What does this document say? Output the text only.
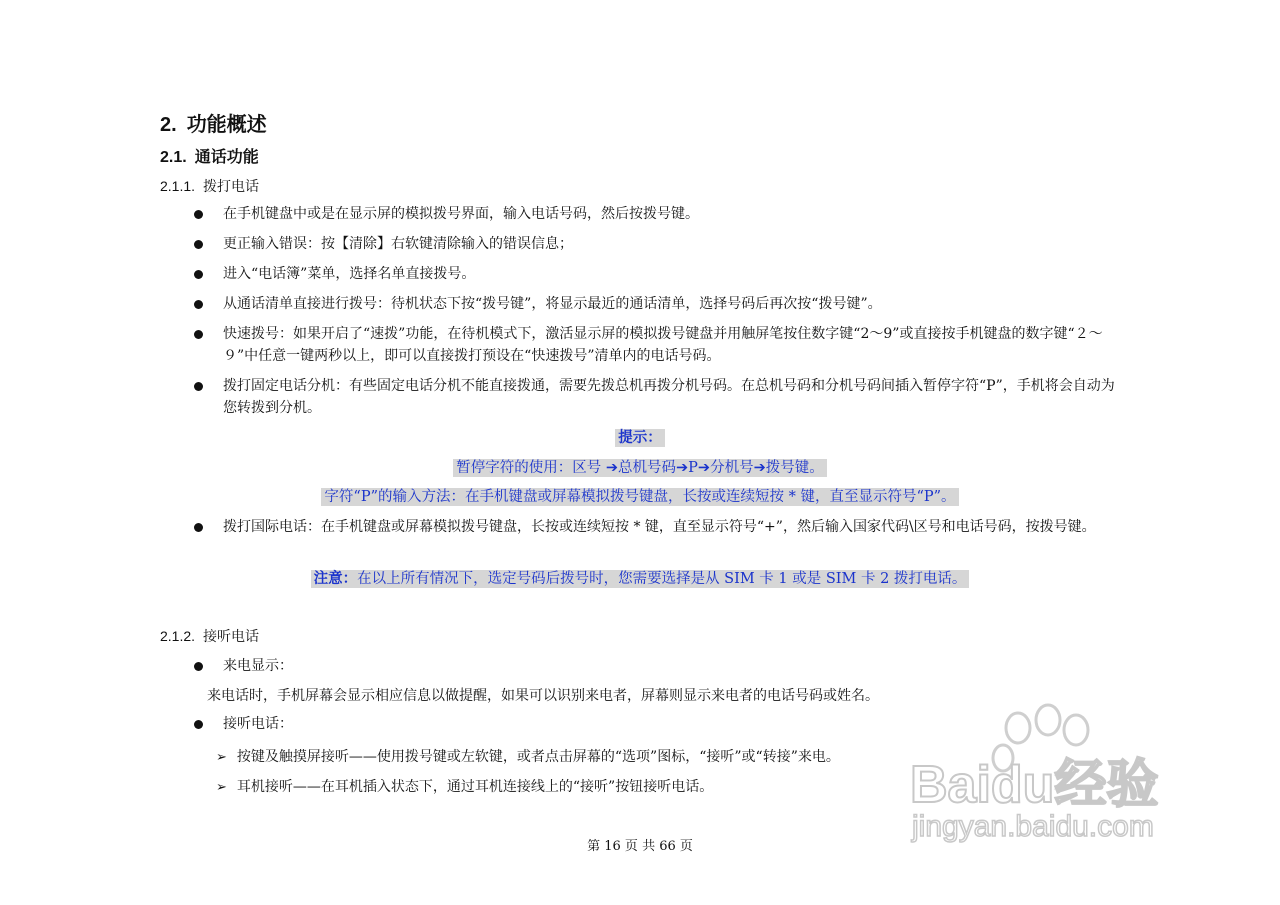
2. 功能概述
2.1. 通话功能
2.1.1. 拨打电话
在手机键盘中或是在显示屏的模拟拨号界面，输入电话号码，然后按拨号键。
更正输入错误：按【清除】右软键清除输入的错误信息；
进入“电话簿”菜单，选择名单直接拨号。
从通话清单直接进行拨号：待机状态下按“拨号键”，将显示最近的通话清单，选择号码后再次按“拨号键”。
快速拨号：如果开启了“速拨”功能，在待机模式下，激活显示屏的模拟拨号键盘并用触屏笔按住数字键“2～9”或直接按手机键盘的数字键“２～９”中任意一键两秒以上，即可以直接拨打预设在“快速拨号”清单内的电话号码。
拨打固定电话分机：有些固定电话分机不能直接拨通，需要先拨总机再拨分机号码。在总机号码和分机号码间插入暂停字符“P”，手机将会自动为您转拨到分机。
提示：
暂停字符的使用：区号 ➔总机号码➔P➔分机号➔拨号键。
字符“P”的输入方法：在手机键盘或屏幕模拟拨号键盘，长按或连续短按 * 键，直至显示符号“P”。
拨打国际电话：在手机键盘或屏幕模拟拨号键盘，长按或连续短按 * 键，直至显示符号“+”，然后输入国家代码\区号和电话号码，按拨号键。
注意：在以上所有情况下，选定号码后拨号时，您需要选择是从 SIM 卡 1 或是 SIM 卡 2 拨打电话。
2.1.2. 接听电话
来电显示：
来电话时，手机屏幕会显示相应信息以做提醒，如果可以识别来电者，屏幕则显示来电者的电话号码或姓名。
接听电话：
➢ 按键及触摸屏接听——使用拨号键或左软键，或者点击屏幕的“选项”图标，“接听”或“转接”来电。
➢ 耳机接听——在耳机插入状态下，通过耳机连接线上的“接听”按钮接听电话。
第 16 页 共 66 页
Baidu经验
jingyan.baidu.com
